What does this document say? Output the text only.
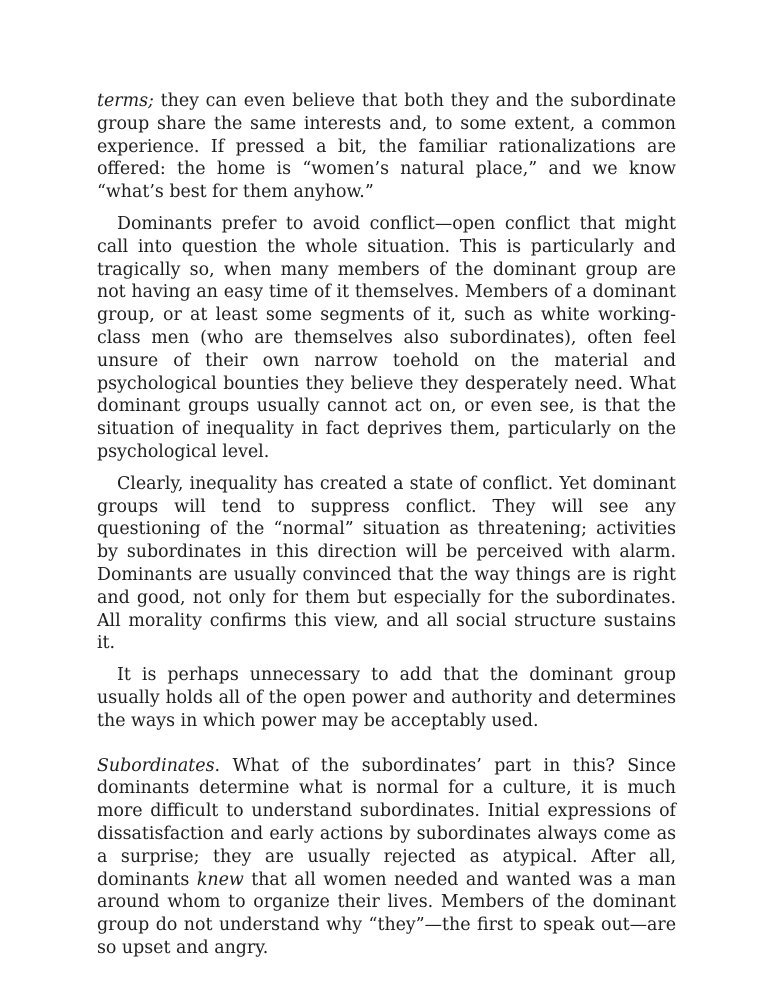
terms; they can even believe that both they and the subordinate group share the same interests and, to some extent, a common experience. If pressed a bit, the familiar rationalizations are offered: the home is “women’s natural place,” and we know “what’s best for them anyhow.”

Dominants prefer to avoid conflict—open conflict that might call into question the whole situation. This is particularly and tragically so, when many members of the dominant group are not having an easy time of it themselves. Members of a dominant group, or at least some segments of it, such as white working-class men (who are themselves also subordinates), often feel unsure of their own narrow toehold on the material and psychological bounties they believe they desperately need. What dominant groups usually cannot act on, or even see, is that the situation of inequality in fact deprives them, particularly on the psychological level.

Clearly, inequality has created a state of conflict. Yet dominant groups will tend to suppress conflict. They will see any questioning of the “normal” situation as threatening; activities by subordinates in this direction will be perceived with alarm. Dominants are usually convinced that the way things are is right and good, not only for them but especially for the subordinates. All morality confirms this view, and all social structure sustains it.

It is perhaps unnecessary to add that the dominant group usually holds all of the open power and authority and determines the ways in which power may be acceptably used.

Subordinates. What of the subordinates’ part in this? Since dominants determine what is normal for a culture, it is much more difficult to understand subordinates. Initial expressions of dissatisfaction and early actions by subordinates always come as a surprise; they are usually rejected as atypical. After all, dominants knew that all women needed and wanted was a man around whom to organize their lives. Members of the dominant group do not understand why “they”—the first to speak out—are so upset and angry.
